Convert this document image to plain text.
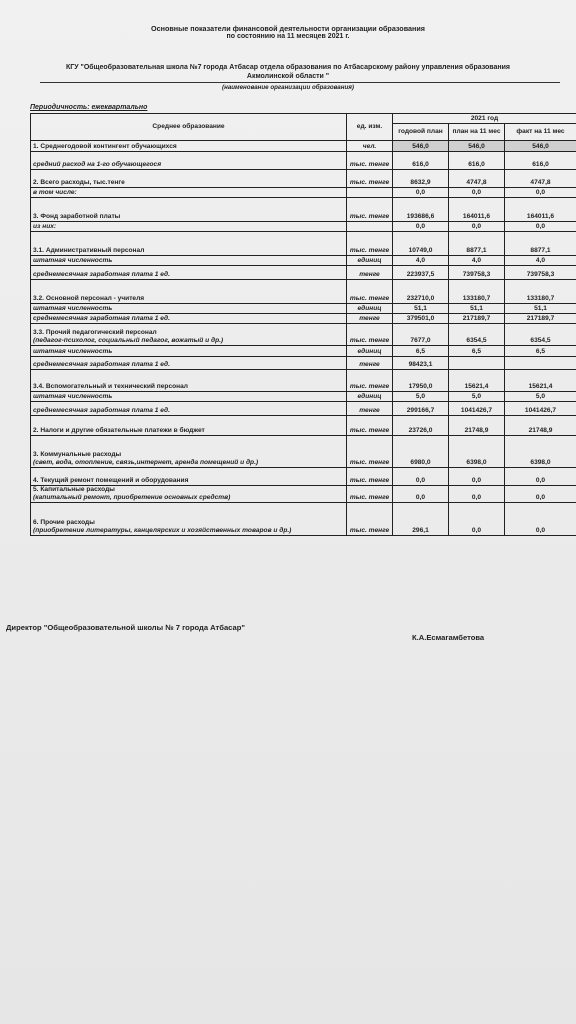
Основные показатели финансовой деятельности организации образования
по состоянию на 11 месяцев 2021 г.
КГУ "Общеобразовательная школа №7 города Атбасар отдела образования по Атбасарскому району управления образования
Акмолинской области "
(наименование организации образования)
Периодичность: ежеквартально
Среднее образование	ед. изм.	2021 год		
		годовой план	план на 11 мес	факт на 11 мес

1. Среднегодовой контингент обучающихся	чел.	546,0	546,0	546,0

средний расход на 1-го обучающегося	тыс. тенге	616,0	616,0	616,0

2. Всего расходы, тыс.тенге	тыс. тенге	8632,9	4747,8	4747,8

в том числе:		0,0	0,0	0,0

3. Фонд заработной платы	тыс. тенге	193686,6	164011,6	164011,6

из них:		0,0	0,0	0,0

3.1. Административный персонал	тыс. тенге	10749,0	8877,1	8877,1

штатная численность	единиц	4,0	4,0	4,0

среднемесячная заработная плата 1 ед.	тенге	223937,5	739758,3	739758,3

3.2. Основной персонал - учителя	тыс. тенге	232710,0	133180,7	133180,7

штатная численность	единиц	51,1	51,1	51,1

среднемесячная заработная плата 1 ед.	тенге	379501,0	217189,7	217189,7

3.3. Прочий педагогический персонал
(педагог-психолог, социальный педагог, вожатый и др.)	тыс. тенге	7677,0	6354,5	6354,5

штатная численность	единиц	6,5	6,5	6,5

среднемесячная заработная плата 1 ед.	тенге	98423,1		

3.4. Вспомогательный и технический персонал	тыс. тенге	17950,0	15621,4	15621,4

штатная численность	единиц	5,0	5,0	5,0

среднемесячная заработная плата 1 ед.	тенге	299166,7	1041426,7	1041426,7

2. Налоги и другие обязательные платежи в бюджет	тыс. тенге	23726,0	21748,9	21748,9

3. Коммунальные расходы
(свет, вода, отопление, связь,интернет, аренда помещений и др.)	тыс. тенге	6980,0	6398,0	6398,0

4. Текущий ремонт помещений и оборудования	тыс. тенге	0,0	0,0	0,0

5. Капитальные расходы
(капитальный ремонт, приобретение основных средств)	тыс. тенге	0,0	0,0	0,0

6. Прочие расходы
(приобретение литературы, канцелярских и хозяйственных товаров и др.)	тыс. тенге	296,1	0,0	0,0
Директор "Общеобразовательной школы № 7 города Атбасар"
К.А.Есмагамбетова
